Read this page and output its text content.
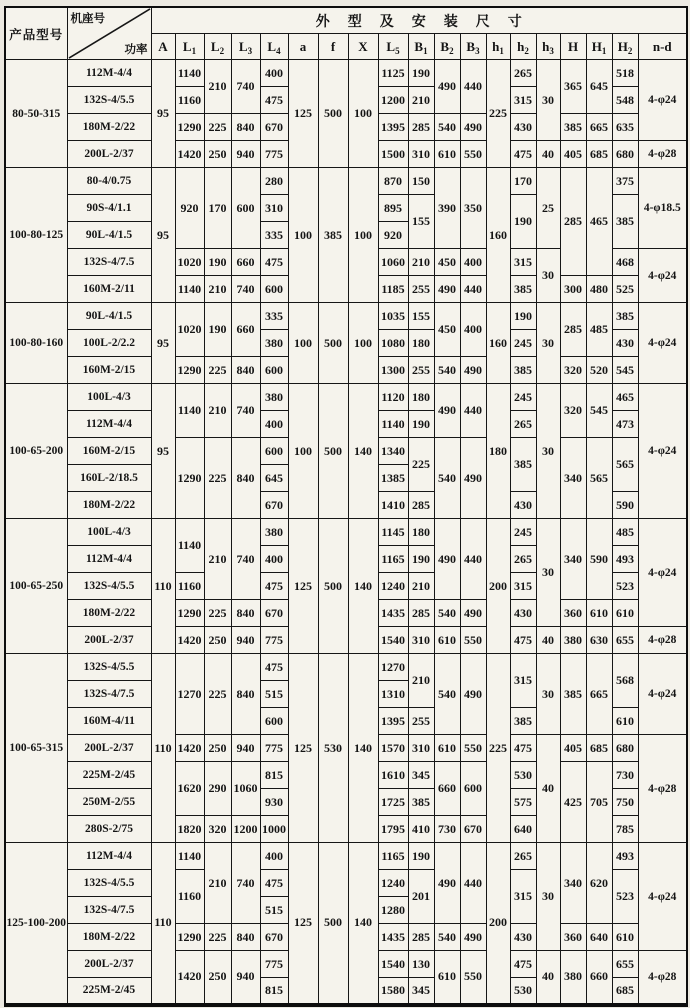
产品型号	机座号
功率	外型及安装尺寸																		
		A	$L_1$	$L_2$	$L_3$	$L_4$	a	f	X	$L_5$	$B_1$	$B_2$	$B_3$	$h_1$	$h_2$	$h_3$	H	$H_1$	$H_2$	n-d
80-50-315	112M-4/4	95	1140	210	740	400	125	500	100	1125	190	490	440	225	265	30	365	645	518	4-φ24
	132S-4/5.5		1160			475				1200	210				315				548	
	180M-2/22		1290	225	840	670				1395	285	540	490		430		385	665	635	
	200L-2/37		1420	250	940	775				1500	310	610	550		475	40	405	685	680	4-φ28
100-80-125	80-4/0.75	95	920	170	600	280	100	385	100	870	150	390	350	160	170	25	285	465	375	4-φ18.5
	90S-4/1.1					310				895	155				190				385	
	90L-4/1.5					335				920										
	132S-4/7.5		1020	190	660	475				1060	210	450	400		315	30			468	4-φ24
	160M-2/11		1140	210	740	600				1185	255	490	440		385		300	480	525	
100-80-160	90L-4/1.5	95	1020	190	660	335	100	500	100	1035	155	450	400	160	190	30	285	485	385	4-φ24
	100L-2/2.2					380				1080	180				245				430	
	160M-2/15		1290	225	840	600				1300	255	540	490		385		320	520	545	
100-65-200	100L-4/3	95	1140	210	740	380	100	500	140	1120	180	490	440	180	245	30	320	545	465	4-φ24
	112M-4/4					400				1140	190				265				473	
	160M-2/15		1290	225	840	600				1340	225	540	490		385		340	565	565	
	160L-2/18.5					645				1385										
	180M-2/22					670				1410	285				430				590	
100-65-250	100L-4/3	110	1140	210	740	380	125	500	140	1145	180	490	440	200	245	30	340	590	485	4-φ24
	112M-4/4					400				1165	190				265				493	
	132S-4/5.5		1160			475				1240	210				315				523	
	180M-2/22		1290	225	840	670				1435	285	540	490		430		360	610	610	
	200L-2/37		1420	250	940	775				1540	310	610	550		475	40	380	630	655	4-φ28
100-65-315	132S-4/5.5	110	1270	225	840	475	125	530	140	1270	210	540	490	225	315	30	385	665	568	4-φ24
	132S-4/7.5					515				1310										
	160M-4/11					600				1395	255				385				610	
	200L-2/37		1420	250	940	775				1570	310	610	550		475	40	405	685	680	4-φ28
	225M-2/45		1620	290	1060	815				1610	345	660	600		530		425	705	730	
	250M-2/55					930				1725	385				575				750	
	280S-2/75		1820	320	1200	1000				1795	410	730	670		640				785	
125-100-200	112M-4/4	110	1140	210	740	400	125	500	140	1165	190	490	440	200	265	30	340	620	493	4-φ24
	132S-4/5.5		1160			475				1240	201				315				523	
	132S-4/7.5					515				1280										
	180M-2/22		1290	225	840	670				1435	285	540	490		430		360	640	610	
	200L-2/37		1420	250	940	775				1540	130	610	550		475	40	380	660	655	4-φ28
	225M-2/45					815				1580	345				530				685	
